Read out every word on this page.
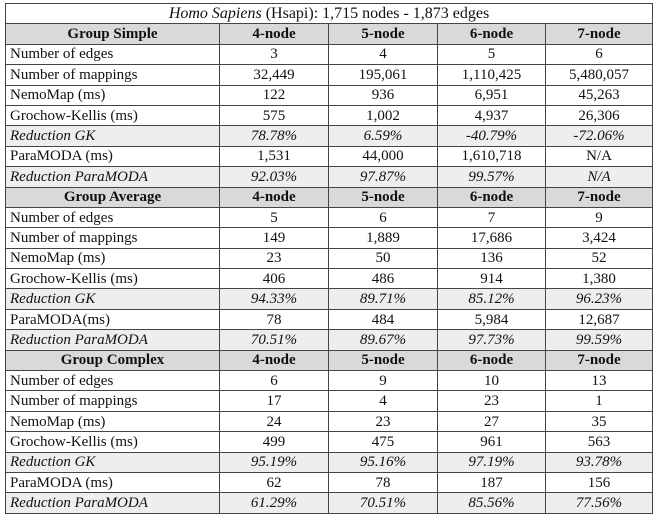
Homo Sapiens (Hsapi): 1,715 nodes - 1,873 edges				
Group Simple	4-node	5-node	6-node	7-node
Number of edges	3	4	5	6
Number of mappings	32,449	195,061	1,110,425	5,480,057
NemoMap (ms)	122	936	6,951	45,263
Grochow-Kellis (ms)	575	1,002	4,937	26,306
Reduction GK	78.78%	6.59%	-40.79%	-72.06%
ParaMODA (ms)	1,531	44,000	1,610,718	N/A
Reduction ParaMODA	92.03%	97.87%	99.57%	N/A
Group Average	4-node	5-node	6-node	7-node
Number of edges	5	6	7	9
Number of mappings	149	1,889	17,686	3,424
NemoMap (ms)	23	50	136	52
Grochow-Kellis (ms)	406	486	914	1,380
Reduction GK	94.33%	89.71%	85.12%	96.23%
ParaMODA(ms)	78	484	5,984	12,687
Reduction ParaMODA	70.51%	89.67%	97.73%	99.59%
Group Complex	4-node	5-node	6-node	7-node
Number of edges	6	9	10	13
Number of mappings	17	4	23	1
NemoMap (ms)	24	23	27	35
Grochow-Kellis (ms)	499	475	961	563
Reduction GK	95.19%	95.16%	97.19%	93.78%
ParaMODA (ms)	62	78	187	156
Reduction ParaMODA	61.29%	70.51%	85.56%	77.56%
